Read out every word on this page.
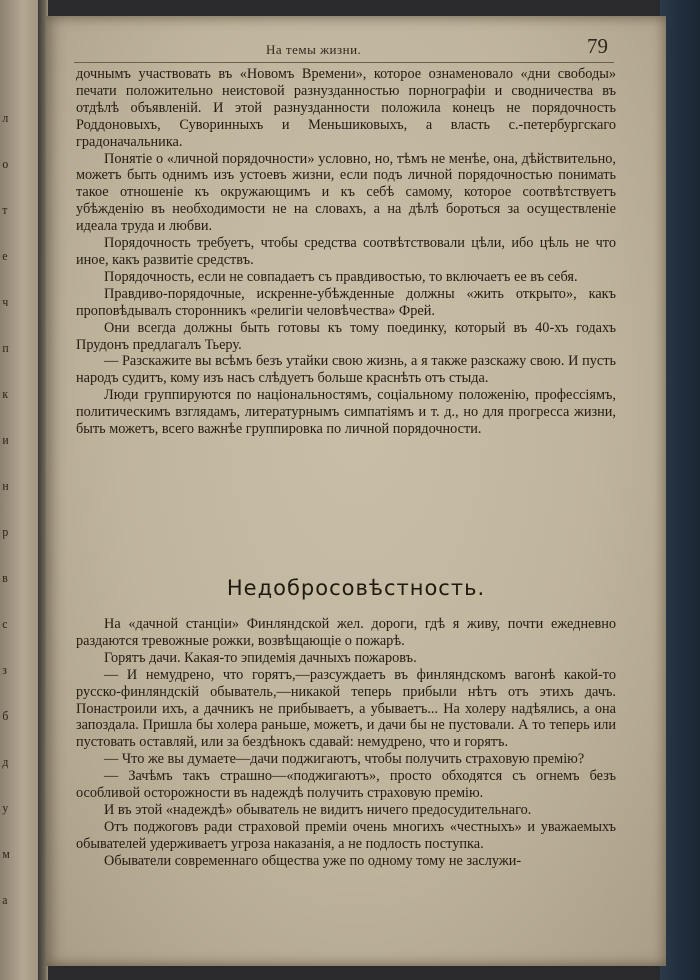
л
о
т
е
ч
п
к
и
н
р
в
с
з
б
д
у
м
а
На темы жизни.	79

дочнымъ участвовать въ «Новомъ Времени», которое ознаменовало «дни свободы» печати положительно неистовой разнузданностью порнографіи и сводничества въ отдѣлѣ объявленій. И этой разнузданности положила конецъ не порядочность Роддоновыхъ, Суворинныхъ и Меньшиковыхъ, а власть с.-петербургскаго градоначальника.

Понятіе о «личной порядочности» условно, но, тѣмъ не менѣе, она, дѣйствительно, можетъ быть однимъ изъ устоевъ жизни, если подъ личной порядочностью понимать такое отношеніе къ окружающимъ и къ себѣ самому, которое соотвѣтствуетъ убѣжденію въ необходимости не на словахъ, а на дѣлѣ бороться за осуществленіе идеала труда и любви.

Порядочность требуетъ, чтобы средства соотвѣтствовали цѣли, ибо цѣль не что иное, какъ развитіе средствъ.

Порядочность, если не совпадаетъ съ правдивостью, то включаетъ ее въ себя.

Правдиво-порядочные, искренне-убѣжденные должны «жить открыто», какъ проповѣдывалъ сторонникъ «религіи человѣчества» Фрей.

Они всегда должны быть готовы къ тому поединку, который въ 40-хъ годахъ Прудонъ предлагалъ Тьеру.

— Разскажите вы всѣмъ безъ утайки свою жизнь, а я также разскажу свою. И пусть народъ судитъ, кому изъ насъ слѣдуетъ больше краснѣть отъ стыда.

Люди группируются по національностямъ, соціальному положенію, профессіямъ, политическимъ взглядамъ, литературнымъ симпатіямъ и т. д., но для прогресса жизни, быть можетъ, всего важнѣе группировка по личной порядочности.

Недобросовѣстность.

На «дачной станціи» Финляндской жел. дороги, гдѣ я живу, почти ежедневно раздаются тревожные рожки, возвѣщающіе о пожарѣ.

Горятъ дачи. Какая-то эпидемія дачныхъ пожаровъ.

— И немудрено, что горятъ,—разсуждаетъ въ финляндскомъ вагонѣ какой-то русско-финляндскій обыватель,—никакой теперь прибыли нѣтъ отъ этихъ дачъ. Понастроили ихъ, а дачникъ не прибываетъ, а убываетъ... На холеру надѣялись, а она запоздала. Пришла бы холера раньше, можетъ, и дачи бы не пустовали. А то теперь или пустовать оставляй, или за бездѣнокъ сдавай: немудрено, что и горятъ.

— Что же вы думаете—дачи поджигаютъ, чтобы получить страховую премію?

— Зачѣмъ такъ страшно—«поджигаютъ», просто обходятся съ огнемъ безъ особливой осторожности въ надеждѣ получить страховую премію.

И въ этой «надеждѣ» обыватель не видитъ ничего предосудительнаго.

Отъ поджоговъ ради страховой преміи очень многихъ «честныхъ» и уважаемыхъ обывателей удерживаетъ угроза наказанія, а не подлость поступка.

Обыватели современнаго общества уже по одному тому не заслужи-
